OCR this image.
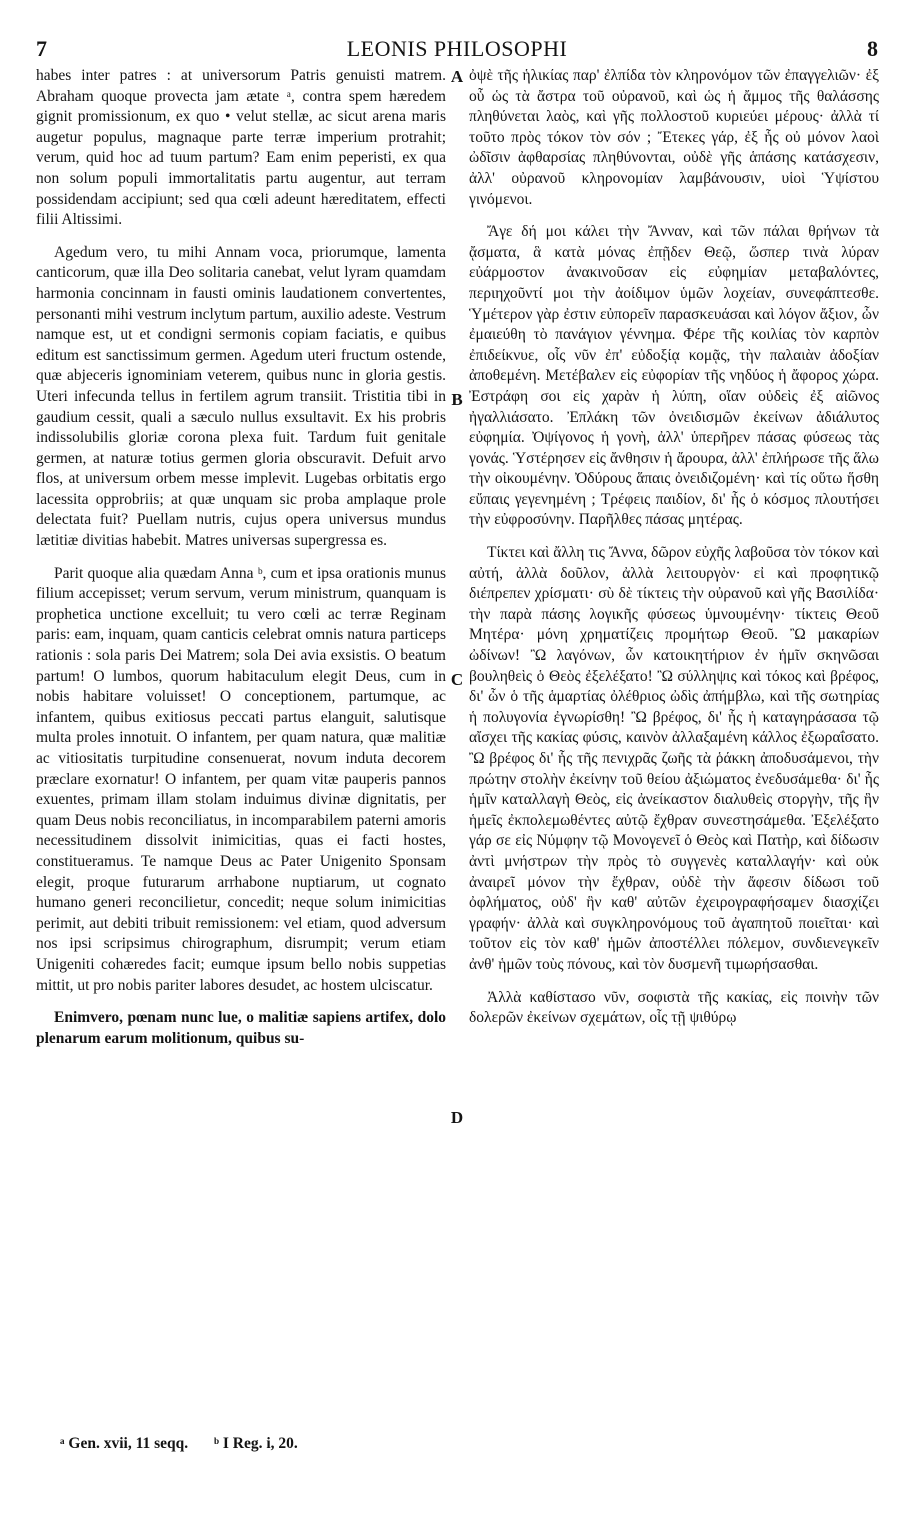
7	LEONIS PHILOSOPHI	8

habes inter patres : at universorum Patris genuisti matrem. Abraham quoque provecta jam ætate ᵃ, contra spem hæredem gignit promissionum, ex quo • velut stellæ, ac sicut arena maris augetur populus, magnaque parte terræ imperium protrahit; verum, quid hoc ad tuum partum? Eam enim peperisti, ex qua non solum populi immortalitatis partu augentur, aut terram possidendam accipiunt; sed qua cœli adeunt hæreditatem, effecti filii Altissimi.

Agedum vero, tu mihi Annam voca, priorumque, lamenta canticorum, quæ illa Deo solitaria canebat, velut lyram quamdam harmonia concinnam in fausti ominis laudationem convertentes, personanti mihi vestrum inclytum partum, auxilio adeste. Vestrum namque est, ut et condigni sermonis copiam faciatis, e quibus editum est sanctissimum germen. Agedum uteri fructum ostende, quæ abjeceris ignominiam veterem, quibus nunc in gloria gestis. Uteri infecunda tellus in fertilem agrum transiit. Tristitia tibi in gaudium cessit, quali a sæculo nullus exsultavit. Ex his probris indissolubilis gloriæ corona plexa fuit. Tardum fuit genitale germen, at naturæ totius germen gloria obscuravit. Defuit arvo flos, at universum orbem messe implevit. Lugebas orbitatis ergo lacessita opprobriis; at quæ unquam sic proba amplaque prole delectata fuit? Puellam nutris, cujus opera universus mundus lætitiæ divitias habebit. Matres universas supergressa es.

Parit quoque alia quædam Anna ᵇ, cum et ipsa orationis munus filium accepisset; verum servum, verum ministrum, quanquam is prophetica unctione excelluit; tu vero cœli ac terræ Reginam paris: eam, inquam, quam canticis celebrat omnis natura particeps rationis : sola paris Dei Matrem; sola Dei avia exsistis. O beatum partum! O lumbos, quorum habitaculum elegit Deus, cum in nobis habitare voluisset! O conceptionem, partumque, ac infantem, quibus exitiosus peccati partus elanguit, salutisque multa proles innotuit. O infantem, per quam natura, quæ malitiæ ac vitiositatis turpitudine consenuerat, novum induta decorem præclare exornatur! O infantem, per quam vitæ pauperis pannos exuentes, primam illam stolam induimus divinæ dignitatis, per quam Deus nobis reconciliatus, in incomparabilem paterni amoris necessitudinem dissolvit inimicitias, quas ei facti hostes, constitueramus. Te namque Deus ac Pater Unigenito Sponsam elegit, proque futurarum arrhabone nuptiarum, ut cognato humano generi reconcilietur, concedit; neque solum inimicitias perimit, aut debiti tribuit remissionem: vel etiam, quod adversum nos ipsi scripsimus chirographum, disrumpit; verum etiam Unigeniti cohæredes facit; eumque ipsum bello nobis suppetias mittit, ut pro nobis pariter labores desudet, ac hostem ulciscatur.

Enimvero, pœnam nunc lue, o malitiæ sapiens artifex, dolo plenarum earum molitionum, quibus su-

ὀψὲ τῆς ἡλικίας παρ' ἐλπίδα τὸν κληρονόμον τῶν ἐπαγγελιῶν· ἐξ οὗ ὡς τὰ ἄστρα τοῦ οὐρανοῦ, καὶ ὡς ἡ ἄμμος τῆς θαλάσσης πληθύνεται λαὸς, καὶ γῆς πολλοστοῦ κυριεύει μέρους· ἀλλὰ τί τοῦτο πρὸς τόκον τὸν σόν ; Ἔτεκες γάρ, ἐξ ἧς οὐ μόνον λαοὶ ὠδῖσιν ἀφθαρσίας πληθύνονται, οὐδὲ γῆς ἁπάσης κατάσχεσιν, ἀλλ' οὐρανοῦ κληρονομίαν λαμβάνουσιν, υἱοὶ Ὑψίστου γινόμενοι.

Ἄγε δή μοι κάλει τὴν Ἄνναν, καὶ τῶν πάλαι θρήνων τὰ ᾄσματα, ἃ κατὰ μόνας ἐπῇδεν Θεῷ, ὥσπερ τινὰ λύραν εὐάρμοστον ἀνακινοῦσαν εἰς εὐφημίαν μεταβαλόντες, περιηχοῦντί μοι τὴν ἀοίδιμον ὑμῶν λοχείαν, συνεφάπτεσθε. Ὑμέτερον γὰρ ἐστιν εὐπορεῖν παρασκευάσαι καὶ λόγον ἄξιον, ὧν ἐμαιεύθη τὸ πανάγιον γέννημα. Φέρε τῆς κοιλίας τὸν καρπὸν ἐπιδείκνυε, οἷς νῦν ἐπ' εὐδοξίᾳ κομᾷς, τὴν παλαιὰν ἀδοξίαν ἀποθεμένη. Μετέβαλεν εἰς εὐφορίαν τῆς νηδύος ἡ ἄφορος χώρα. Ἐστράφη σοι εἰς χαρὰν ἡ λύπη, οἵαν οὐδεὶς ἐξ αἰῶνος ἠγαλλιάσατο. Ἐπλάκη τῶν ὀνειδισμῶν ἐκείνων ἀδιάλυτος εὐφημία. Ὀψίγονος ἡ γονὴ, ἀλλ' ὑπερῆρεν πάσας φύσεως τὰς γονάς. Ὑστέρησεν εἰς ἄνθησιν ἡ ἄρουρα, ἀλλ' ἐπλήρωσε τῆς ἅλω τὴν οἰκουμένην. Ὀδύρους ἅπαις ὀνειδιζομένη· καὶ τίς οὕτω ἥσθη εὔπαις γεγενημένη ; Τρέφεις παιδίον, δι' ἧς ὁ κόσμος πλουτήσει τὴν εὐφροσύνην. Παρῆλθες πάσας μητέρας.

Τίκτει καὶ ἄλλη τις Ἄννα, δῶρον εὐχῆς λαβοῦσα τὸν τόκον καὶ αὐτή, ἀλλὰ δοῦλον, ἀλλὰ λειτουργὸν· εἰ καὶ προφητικῷ διέπρεπεν χρίσματι· σὺ δὲ τίκτεις τὴν οὐρανοῦ καὶ γῆς Βασιλίδα· τὴν παρὰ πάσης λογικῆς φύσεως ὑμνουμένην· τίκτεις Θεοῦ Μητέρα· μόνη χρηματίζεις προμήτωρ Θεοῦ. Ὢ μακαρίων ὠδίνων! Ὢ λαγόνων, ὧν κατοικητήριον ἐν ἡμῖν σκηνῶσαι βουληθεὶς ὁ Θεὸς ἐξελέξατο! Ὢ σύλληψις καὶ τόκος καὶ βρέφος, δι' ὧν ὁ τῆς ἁμαρτίας ὀλέθριος ὠδὶς ἀπήμβλω, καὶ τῆς σωτηρίας ἡ πολυγονία ἐγνωρίσθη! Ὢ βρέφος, δι' ἧς ἡ καταγηράσασα τῷ αἴσχει τῆς κακίας φύσις, καινὸν ἀλλαξαμένη κάλλος ἐξωραΐσατο. Ὢ βρέφος δι' ἧς τῆς πενιχρᾶς ζωῆς τὰ ῥάκκη ἀποδυσάμενοι, τὴν πρώτην στολὴν ἐκείνην τοῦ θείου ἀξιώματος ἐνεδυσάμεθα· δι' ἧς ἡμῖν καταλλαγὴ Θεὸς, εἰς ἀνείκαστον διαλυθεὶς στοργὴν, τῆς ἣν ἡμεῖς ἐκπολεμωθέντες αὐτῷ ἔχθραν συνεστησάμεθα. Ἐξελέξατο γάρ σε εἰς Νύμφην τῷ Μονογενεῖ ὁ Θεὸς καὶ Πατὴρ, καὶ δίδωσιν ἀντὶ μνήστρων τὴν πρὸς τὸ συγγενὲς καταλλαγήν· καὶ οὐκ ἀναιρεῖ μόνον τὴν ἔχθραν, οὐδὲ τὴν ἄφεσιν δίδωσι τοῦ ὀφλήματος, οὐδ' ἣν καθ' αὐτῶν ἐχειρογραφήσαμεν διασχίζει γραφήν· ἀλλὰ καὶ συγκληρονόμους τοῦ ἀγαπητοῦ ποιεῖται· καὶ τοῦτον εἰς τὸν καθ' ἡμῶν ἀποστέλλει πόλεμον, συνδιενεγκεῖν ἀνθ' ἡμῶν τοὺς πόνους, καὶ τὸν δυσμενῆ τιμωρήσασθαι.

Ἀλλὰ καθίστασο νῦν, σοφιστὰ τῆς κακίας, εἰς ποινὴν τῶν δολερῶν ἐκείνων σχεμάτων, οἷς τῇ ψιθύρῳ

A
B
C
D
ᵃ Gen. xvii, 11 seqq. ᵇ I Reg. i, 20.
